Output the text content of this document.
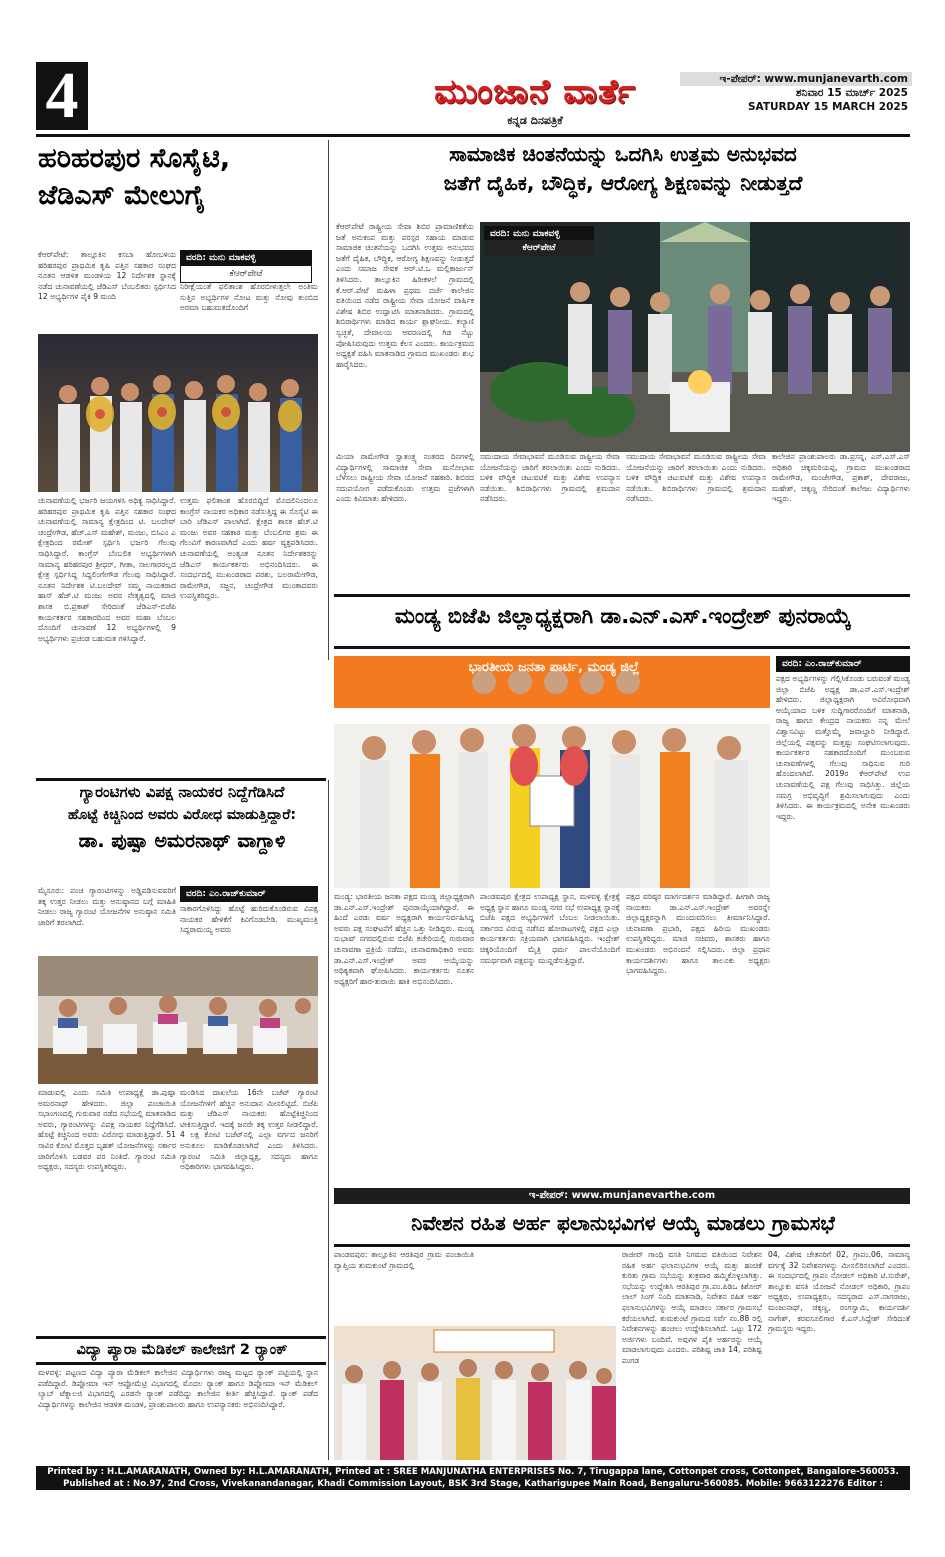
4	ಮುಂಜಾನೆ ವಾರ್ತೆ
ಕನ್ನಡ ದಿನಪತ್ರಿಕೆ
ಇ-ಪೇಪರ್: www.munjanevarth.com
ಶನಿವಾರ 15 ಮಾರ್ಚ್ 2025
SATURDAY 15 MARCH 2025
ಹರಿಹರಪುರ ಸೊಸೈಟಿ,
ಜೆಡಿಎಸ್ ಮೇಲುಗೈ
ಕೆಆರ್‌ಪೇಟೆ: ತಾಲ್ಲೂಕಿನ ಕಸಬಾ ಹೋಬಳಿಯ ಹರಿಹರಪುರ ಪ್ರಾಥಮಿಕ ಕೃಷಿ ಪತ್ತಿನ ಸಹಕಾರ ಸಂಘದ ನೂತನ ಆಡಳಿತ ಮಂಡಳಿಯ 12 ನಿರ್ದೇಶಕ ಸ್ಥಾನಕ್ಕೆ ನಡೆದ ಚುನಾವಣೆಯಲ್ಲಿ ಜೆಡಿಎಸ್ ಬೆಂಬಲಿತರು ಸ್ಪರ್ಧಿಸಿದ 12 ಅಭ್ಯರ್ಥಿಗಳ ಪೈಕಿ 9 ಮಂದಿ
ವರದಿ: ಮನು ಮಾಕವಳ್ಳಿ
ಕೆಆರ್‌ಪೇಟೆ
ನಿರೀಕ್ಷೆಯಂತೆ ಫಲಿತಾಂಶ ಹೊರಬೀಳುತ್ತಲೇ ಅಂತಿಮ ಸುತ್ತಿನ ಅಭ್ಯರ್ಥಿಗಳ ನೋಟ ಮತ್ತು ನೋವು ತುಂಬಿದ ಅರಮಾ ಬಹುಮತದೊಂದಿಗೆ
ಚುನಾವಣೆಯಲ್ಲಿ ಭರ್ಜರಿ ಜಯಗಳಿಸಿ ಅಧಿಕ್ಯ ಸಾಧಿಸಿದ್ದಾರೆ. ಹರಿಹರಪುರ ಪ್ರಾಥಮಿಕ ಕೃಷಿ ಪತ್ತಿನ ಸಹಕಾರ ಸಂಘದ ಚುನಾವಣೆಯಲ್ಲಿ ಸಾಮಾನ್ಯ ಕ್ಷೇತ್ರದಿಂದ ಟಿ. ಬಲದೇವ್ ಚಂದ್ರೇಗೌಡ, ಹೆಚ್.ಎಸ್ ಮಹೇಶ್, ಮಂಜು, ಬಿಸಿಎಂ ಎ ಕ್ಷೇತ್ರದಿಂದ ರಮೇಶ್ ಸ್ಪರ್ಧಿಸಿ ಭರ್ಜರಿ ಗೆಲುವು ಸಾಧಿಸಿದ್ದಾರೆ. ಕಾಂಗ್ರೆಸ್ ಬೆಂಬಲಿತ ಅಭ್ಯರ್ಥಿಗಳಾಗಿ ಸಾಮಾನ್ಯ ಹರಿಹರಪುರ ಶ್ರೀಧರ್, ಗೀತಾ, ಸಾಲಗಾರರಲ್ಲದ ಕ್ಷೇತ್ರ ಸ್ಪರ್ಧಿಸಿದ್ದ ಸಿದ್ದಲಿಂಗೇಗೌಡ ಗೆಲುವು ಸಾಧಿಸಿದ್ದಾರೆ. ನೂತನ ನಿರ್ದೇಶಕ ಟಿ.ಬಲದೇವ್ ಸಮ್ಮ ನಾಯಕರಾದ ಹಾಸ್ ಹೆಚ್.ಟಿ ಮಂಜು ಅವರ ನೇತೃತ್ವದಲ್ಲಿ ಮಾಜಿ ಶಾಸಕ ಬಿ.ಪ್ರಕಾಶ್ ಸೇರಿದಂತೆ ಜೆಡಿಎಸ್-ಬಿಜೆಪಿ ಕಾರ್ಯಕರ್ತರ ಸಹಕಾರದಿಂದ ಅವರ ಮಹಾ ಬೆಂಬಲ ದೊಂದಿಗೆ ಚುನಾವಣೆ 12 ಅಭ್ಯರ್ಥಿಗಳಲ್ಲಿ 9 ಅಭ್ಯರ್ಥಿಗಳು ಪ್ರಚಂಡ ಬಹುಮತ ಗಳಿಸಿದ್ದಾರೆ.
ಉತ್ತಮ ಫಲಿತಾಂಶ ಹೊರಬಿದ್ದಿದೆ ಮೊದಲಿನಿಂದಲೂ ಕಾಂಗ್ರೆಸ್ ನಾಯಕರ ಅಧಿಕಾರ ನಡೆಸುತ್ತಿದ್ದ ಈ ಸೊಸೈಟಿ ಈ ಬಾರಿ ಜೆಡಿಎಸ್ ಪಾಲಾಗಿದೆ. ಕ್ಷೇತ್ರದ ಶಾಸಕ ಹೆಚ್.ಟಿ ಮಂಜು ಅವರ ಸಹಕಾರ ಮತ್ತು ಬೆಂಬಲಿಗರ ಶ್ರಮ ಈ ಗೆಲುವಿಗೆ ಕಾರಣವಾಗಿದೆ ಎಂದು ಹರ್ಷ ವ್ಯಕ್ತಪಡಿಸಿದರು. ಚುನಾವಣೆಯಲ್ಲಿ ಅಂತ್ಯಂತ ನೂತನ ನಿರ್ದೇಶಕರನ್ನು ಜೆಡಿಎಸ್ ಕಾರ್ಯಕರ್ತರು ಅಭಿನಂದಿಸಿದರು. ಈ ಸಂದರ್ಭದಲ್ಲಿ ಮುಖಂಡರಾದ ಪರಶು, ಬಲರಾಮೇಗೌಡ, ರಾಮೇಗೌಡ, ಸಜ್ಜನ, ಚಂದ್ರೇಗೌಡ ಮುಂತಾದವರು ಉಪಸ್ಥಿತರಿದ್ದರು.
ಸಾಮಾಜಿಕ ಚಿಂತನೆಯನ್ನು ಒದಗಿಸಿ ಉತ್ತಮ ಅನುಭವದ
ಜತೆಗೆ ದೈಹಿಕ, ಬೌದ್ಧಿಕ, ಆರೋಗ್ಯ ಶಿಕ್ಷಣವನ್ನು ನೀಡುತ್ತದೆ
ಕೆಆರ್‌ಪೇಟೆ ರಾಷ್ಟ್ರೀಯ ಸೇವಾ ಶಿಬಿರ ಪ್ರಾಮಾಣಿಕತೆಯ ಜತೆ ಅನುಕಂಪ ಮತ್ತು ಪರಸ್ಪರ ಸಹಾಯ ಮಾಡುವ ಸಾಮಾಜಿಕ ಚಿಂತನೆಯನ್ನು ಒದಗಿಸಿ ಉತ್ತಮ ಅನುಭವದ ಜತೆಗೆ ದೈಹಿಕ, ಬೌದ್ಧಿಕ, ಆರೋಗ್ಯ ಶಿಕ್ಷಣವನ್ನು ನೀಡುತ್ತದೆ ಎಂದು ಸಮಾಜ ಸೇವಕ ಆರ್.ಟಿ.ಒ ಮಲ್ಲಿಕಾರ್ಜುನ್ ತಿಳಿಸಿದರು. ತಾಲ್ಲೂಕಿನ ಹಿರೀಕಳಲೆ ಗ್ರಾಮದಲ್ಲಿ ಕೆ.ಆರ್.ಪೇಟೆ ಮಹಿಳಾ ಪ್ರಥಮ ದರ್ಜೆ ಕಾಲೇಜಿನ ವತಿಯಿಂದ ನಡೆದ ರಾಷ್ಟ್ರೀಯ ಸೇವಾ ಯೋಜನೆ ವಾರ್ಷಿಕ ವಿಶೇಷ ಶಿಬಿರ ಉದ್ಘಾಟಿಸಿ ಮಾತನಾಡಿದರು. ಗ್ರಾಮದಲ್ಲಿ ಶಿಬಿರಾರ್ಥಿಗಳು ಮಾಡಿದ ಕಾರ್ಯ ಶ್ಲಾಘನೀಯ. ಕಲ್ಯಾಣಿ ಸ್ವಚ್ಛತೆ, ದೇವಾಲಯ ಆವರಣದಲ್ಲಿ ಗಿಡ ನೆಟ್ಟು ಪೋಷಿಸಿರುವುದು ಉತ್ತಮ ಕೆಲಸ ಎಂದರು. ಕಾರ್ಯಕ್ರಮದ ಅಧ್ಯಕ್ಷತೆ ವಹಿಸಿ ಮಾತನಾಡಿದ ಗ್ರಾಮದ ಮುಖಂಡರು ಶುಭ ಹಾರೈಸಿದರು.
ವರದಿ: ಮನು ಮಾಕವಳ್ಳಿ
ಕೆಆರ್‌ಪೇಟೆ
ಮಿಯಾ ರಾಮೇಗೌಡ ಸ್ವಾತಂತ್ರ್ಯ ನಂತರದ ದಿನಗಳಲ್ಲಿ ವಿದ್ಯಾರ್ಥಿಗಳಲ್ಲಿ ಸಾಮಾಜಿಕ ಸೇವಾ ಮನೋಭಾವ ಬೆಳೆಸಲು ರಾಷ್ಟ್ರೀಯ ಸೇವಾ ಯೋಜನೆ ಸಹಕಾರಿ. ಶಿಬಿರದ ಸದುಪಯೋಗ ಪಡೆದುಕೊಂಡು ಉತ್ತಮ ಪ್ರಜೆಗಳಾಗಿ ಎಂದು ಕಿವಿಮಾತು ಹೇಳಿದರು.
ಸಮುದಾಯ ಸೇವಾಭಾವನೆ ಮೂಡಿಸುವ ರಾಷ್ಟ್ರೀಯ ಸೇವಾ ಯೋಜನೆಯನ್ನು ಜಾರಿಗೆ ತರಲಾಯಿತು ಎಂದು ನುಡಿದರು. ಬಳಿಕ ವೌದ್ಧಿಕ ಚಟುವಟಿಕೆ ಮತ್ತು ವಿಶೇಷ ಉಪನ್ಯಾಸ ನಡೆಯಿತು. ಶಿಬಿರಾರ್ಥಿಗಳು ಗ್ರಾಮದಲ್ಲಿ ಶ್ರಮದಾನ ನಡೆಸಿದರು.
ಸಮುದಾಯ ಸೇವಾಭಾವನೆ ಮೂಡಿಸುವ ರಾಷ್ಟ್ರೀಯ ಸೇವಾ ಯೋಜನೆಯನ್ನು ಜಾರಿಗೆ ತರಲಾಯಿತು ಎಂದು ನುಡಿದರು. ಬಳಿಕ ವೌದ್ಧಿಕ ಚಟುವಟಿಕೆ ಮತ್ತು ವಿಶೇಷ ಉಪನ್ಯಾಸ ನಡೆಯಿತು. ಶಿಬಿರಾರ್ಥಿಗಳು ಗ್ರಾಮದಲ್ಲಿ ಶ್ರಮದಾನ ನಡೆಸಿದರು.
ಕಾಲೇಜಿನ ಪ್ರಾಂಶುಪಾಲರು ಡಾ.ಪ್ರಸನ್ನ, ಎನ್.ಎಸ್.ಎಸ್ ಅಧಿಕಾರಿ ಚಿಕ್ಕಮರಿಯಪ್ಪ, ಗ್ರಾಮದ ಮುಖಂಡರಾದ ರಾಮೇಗೌಡ, ಮಂಜೇಗೌಡ, ಪ್ರಕಾಶ್, ದೇವರಾಜು, ಮಹೇಶ್, ಚಿಕ್ಕಣ್ಣ ಸೇರಿದಂತೆ ಕಾಲೇಜು ವಿದ್ಯಾರ್ಥಿಗಳು ಇದ್ದರು.
ಮಂಡ್ಯ ಬಿಜೆಪಿ ಜಿಲ್ಲಾಧ್ಯಕ್ಷರಾಗಿ ಡಾ.ಎನ್.ಎಸ್.ಇಂದ್ರೇಶ್ ಪುನರಾಯ್ಕೆ
ಭಾರತೀಯ ಜನತಾ ಪಾರ್ಟಿ, ಮಂಡ್ಯ ಜಿಲ್ಲೆ	ವರದಿ: ಎಂ.ರಾಜ್‌ಕುಮಾರ್
ಪಕ್ಷದ ಅಭ್ಯರ್ಥಿಗಳನ್ನು ಗೆಲ್ಲಿಸಿಕೊಂಡು ಬರುವಂತೆ ಮಂಡ್ಯ ಜಿಲ್ಲಾ ಬಿಜೆಪಿ ಅಧ್ಯಕ್ಷ ಡಾ.ಎನ್.ಎಸ್.ಇಂದ್ರೇಶ್ ಹೇಳಿದರು. ಜಿಲ್ಲಾಧ್ಯಕ್ಷರಾಗಿ ಅವಿರೋಧವಾಗಿ ಆಯ್ಕೆಯಾದ ಬಳಿಕ ಸುದ್ದಿಗಾರರೊಂದಿಗೆ ಮಾತನಾಡಿ, ರಾಜ್ಯ ಹಾಗೂ ಕೇಂದ್ರದ ನಾಯಕರು ನನ್ನ ಮೇಲೆ ವಿಶ್ವಾಸವಿಟ್ಟು ಮತ್ತೊಮ್ಮೆ ಜವಾಬ್ದಾರಿ ನೀಡಿದ್ದಾರೆ. ಜಿಲ್ಲೆಯಲ್ಲಿ ಪಕ್ಷವನ್ನು ಮತ್ತಷ್ಟು ಸಂಘಟಿಸಲಾಗುವುದು. ಕಾರ್ಯಕರ್ತರ ಸಹಕಾರದೊಂದಿಗೆ ಮುಂಬರುವ ಚುನಾವಣೆಗಳಲ್ಲಿ ಗೆಲುವು ಸಾಧಿಸುವ ಗುರಿ ಹೊಂದಲಾಗಿದೆ. 2019ರ ಕೆಆರ್‌ಪೇಟೆ ಉಪ ಚುನಾವಣೆಯಲ್ಲಿ ಪಕ್ಷ ಗೆಲುವು ಸಾಧಿಸಿತ್ತು. ಜಿಲ್ಲೆಯ ಸಮಗ್ರ ಅಭಿವೃದ್ಧಿಗೆ ಶ್ರಮಿಸಲಾಗುವುದು ಎಂದು ತಿಳಿಸಿದರು. ಈ ಕಾರ್ಯಕ್ರಮದಲ್ಲಿ ಅನೇಕ ಮುಖಂಡರು ಇದ್ದರು.
ಮಂಡ್ಯ: ಭಾರತೀಯ ಜನತಾ ಪಕ್ಷದ ಮಂಡ್ಯ ಜಿಲ್ಲಾಧ್ಯಕ್ಷರಾಗಿ ಡಾ.ಎನ್.ಎಸ್.ಇಂದ್ರೇಶ್ ಪುನರಾಯ್ಕೆಯಾಗಿದ್ದಾರೆ. ಈ ಹಿಂದೆ ಎರಡು ವರ್ಷ ಅಧ್ಯಕ್ಷರಾಗಿ ಕಾರ್ಯನಿರ್ವಹಿಸಿದ್ದ ಅವರು ಪಕ್ಷ ಸಂಘಟನೆಗೆ ಹೆಚ್ಚಿನ ಒತ್ತು ನೀಡಿದ್ದರು. ಮಂಡ್ಯ ಸುಭಾಷ್ ನಗರದಲ್ಲಿರುವ ಬಿಜೆಪಿ ಕಚೇರಿಯಲ್ಲಿ ಗುರುವಾರ ಚುನಾವಣಾ ಪ್ರಕ್ರಿಯೆ ನಡೆದು, ಚುನಾವಣಾಧಿಕಾರಿ ಅವರು ಡಾ.ಎನ್.ಎಸ್.ಇಂದ್ರೇಶ್ ಅವರ ಆಯ್ಕೆಯನ್ನು ಅಧಿಕೃತವಾಗಿ ಘೋಷಿಸಿದರು. ಕಾರ್ಯಕರ್ತರು ನೂತನ ಅಧ್ಯಕ್ಷರಿಗೆ ಹಾರ-ತುರಾಯಿ ಹಾಕಿ ಅಭಿನಂದಿಸಿದರು.
ಪಾಂಡವಪುರ ಕ್ಷೇತ್ರದ ಉಪಾಧ್ಯಕ್ಷ ಸ್ಥಾನ, ಮಳವಳ್ಳಿ ಕ್ಷೇತ್ರಕ್ಕೆ ಅಧ್ಯಕ್ಷ ಸ್ಥಾನ ಹಾಗೂ ಮಂಡ್ಯ ನಗರ ಸಭೆ ಉಪಾಧ್ಯಕ್ಷ ಸ್ಥಾನಕ್ಕೆ ಬಿಜೆಪಿ ಪಕ್ಷದ ಅಭ್ಯರ್ಥಿಗಳಿಗೆ ಬೆಂಬಲ ನೀಡಲಾಯಿತು. ಸರ್ಕಾರದ ವಿರುದ್ಧ ನಡೆಸಿದ ಹೋರಾಟಗಳಲ್ಲಿ ಪಕ್ಷದ ಎಲ್ಲಾ ಕಾರ್ಯಕರ್ತರು ಸಕ್ರಿಯವಾಗಿ ಭಾಗವಹಿಸಿದ್ದರು. ಇಂದ್ರೇಶ್ ಚಿಕ್ಕರಿಯೊಂದಿಗೆ ಮೈತ್ರಿ ಧರ್ಮ ಪಾಲನೆಯೊಂದಿಗೆ ಸಮರ್ಥವಾಗಿ ಪಕ್ಷವನ್ನು ಮುನ್ನಡೆಸುತ್ತಿದ್ದಾರೆ.
ಪಕ್ಷದ ವರಿಷ್ಠರ ಮಾರ್ಗದರ್ಶನ ಮಾಡಿದ್ದಾರೆ. ಹೀಗಾಗಿ ರಾಜ್ಯ ನಾಯಕರು ಡಾ.ಎನ್.ಎಸ್.ಇಂದ್ರೇಶ್ ಅವರನ್ನೇ ಜಿಲ್ಲಾಧ್ಯಕ್ಷರನ್ನಾಗಿ ಮುಂದುವರಿಸಲು ತೀರ್ಮಾನಿಸಿದ್ದಾರೆ. ಚುನಾವಣಾ ಪ್ರಭಾರಿ, ಪಕ್ಷದ ಹಿರಿಯ ಮುಖಂಡರು ಉಪಸ್ಥಿತರಿದ್ದರು. ಮಾಜಿ ಸಚಿವರು, ಶಾಸಕರು ಹಾಗೂ ಮುಖಂಡರು ಅಭಿನಂದನೆ ಸಲ್ಲಿಸಿದರು. ಜಿಲ್ಲಾ ಪ್ರಧಾನ ಕಾರ್ಯದರ್ಶಿಗಳು ಹಾಗೂ ತಾಲೂಕು ಅಧ್ಯಕ್ಷರು ಭಾಗವಹಿಸಿದ್ದರು.
ಇ-ಪೇಪರ್: www.munjanevarthe.com
ಗ್ಯಾರಂಟಿಗಳು ವಿಪಕ್ಷ ನಾಯಕರ ನಿದ್ದೆಗೆಡಿಸಿದೆ
ಹೊಟ್ಟೆ ಕಿಚ್ಚಿನಿಂದ ಅವರು ವಿರೋಧ ಮಾಡುತ್ತಿದ್ದಾರೆ:
ಡಾ. ಪುಷ್ಪಾ ಅಮರನಾಥ್ ವಾಗ್ದಾಳಿ
ಮೈಸೂರು: ಪಂಚ ಗ್ಯಾರಂಟಿಗಳನ್ನು ಅಡ್ಡಿಪಡಿಸುವವರಿಗೆ ತಕ್ಕ ಉತ್ತರ ನೀಡಲು ಮತ್ತು ಅನುಷ್ಠಾನದ ಬಗ್ಗೆ ಮಾಹಿತಿ ನೀಡಲು ರಾಜ್ಯ ಗ್ಯಾರಂಟಿ ಯೋಜನೆಗಳ ಅನುಷ್ಠಾನ ಸಮಿತಿ ಜಾರಿಗೆ ತರಲಾಗಿದೆ.
ವರದಿ: ಎಂ.ರಾಜ್‌ಕುಮಾರ್
ಸಾಕಾರಗೊಳಿಸಿದ್ದು ಹೊಟ್ಟೆ ಹುರಿದುಕೊಂಡಿರುವ ವಿಪಕ್ಷ ನಾಯಕರ ಹೇಳಿಕೆಗೆ ಕಿವಿಗೊಡಬೇಡಿ. ಮುಖ್ಯಮಂತ್ರಿ ಸಿದ್ದರಾಮಯ್ಯ ಅವರು
ಮಾಡುವಲ್ಲಿ ಎಂದು ಸಮಿತಿ ಉಪಾಧ್ಯಕ್ಷೆ ಡಾ.ಪುಷ್ಪಾ ಅಮರನಾಥ್ ಹೇಳಿದರು. ಜಿಲ್ಲಾ ಪಂಚಾಯಿತಿ ಸಭಾಂಗಣದಲ್ಲಿ ಗುರುವಾರ ನಡೆದ ಸಭೆಯಲ್ಲಿ ಮಾತನಾಡಿದ ಅವರು, ಗ್ಯಾರಂಟಿಗಳನ್ನು ವಿಪಕ್ಷ ನಾಯಕರ ನಿದ್ದೆಗೆಡಿಸಿದೆ. ಹೊಟ್ಟೆ ಕಿಚ್ಚಿನಿಂದ ಅವರು ವಿರೋಧ ಮಾಡುತ್ತಿದ್ದಾರೆ. 51 ಸಾವಿರ ಕೋಟಿ ಮೊತ್ತದ ಬೃಹತ್ ಯೋಜನೆಗಳನ್ನು ಸರ್ಕಾರ ಜಾರಿಗೊಳಿಸಿ ಬಡವರ ಪರ ನಿಂತಿದೆ. ಗ್ಯಾರಂಟಿ ಸಮಿತಿ ಅಧ್ಯಕ್ಷರು, ಸದಸ್ಯರು ಉಪಸ್ಥಿತರಿದ್ದರು.
ಮಂಡಿಸಿದ ದಾಖಲೆಯ 16ನೇ ಬಜೆಟ್ ಗ್ಯಾರಂಟಿ ಯೋಜನೆಗಳಿಗೆ ಹೆಚ್ಚಿನ ಅನುದಾನ ಮೀಸಲಿಟ್ಟಿದೆ. ಬಿಜೆಪಿ ಮತ್ತು ಜೆಡಿಎಸ್ ನಾಯಕರು ಹೊಟ್ಟೆಕಿಚ್ಚಿನಿಂದ ಟೀಕಿಸುತ್ತಿದ್ದಾರೆ. ಇದಕ್ಕೆ ಜನರೇ ತಕ್ಕ ಉತ್ತರ ನೀಡಲಿದ್ದಾರೆ. 4 ಲಕ್ಷ ಕೋಟಿ ಬಜೆಟ್‌ನಲ್ಲಿ ಎಲ್ಲಾ ವರ್ಗದ ಜನರಿಗೆ ಅನುಕೂಲ ಮಾಡಿಕೊಡಲಾಗಿದೆ ಎಂದು ತಿಳಿಸಿದರು. ಗ್ಯಾರಂಟಿ ಸಮಿತಿ ಜಿಲ್ಲಾಧ್ಯಕ್ಷ, ಸದಸ್ಯರು ಹಾಗೂ ಅಧಿಕಾರಿಗಳು ಭಾಗವಹಿಸಿದ್ದರು.
ವಿದ್ಯಾ ಪ್ಯಾರಾ ಮೆಡಿಕಲ್ ಕಾಲೇಜಿಗೆ 2 ರ್‍ಯಾಂಕ್
ಮಳವಳ್ಳಿ: ಪಟ್ಟಣದ ವಿದ್ಯಾ ಪ್ಯಾರಾ ಮೆಡಿಕಲ್ ಕಾಲೇಜಿನ ವಿದ್ಯಾರ್ಥಿಗಳು ರಾಜ್ಯ ಮಟ್ಟದ ರ್‍ಯಾಂಕ್ ಪಟ್ಟಿಯಲ್ಲಿ ಸ್ಥಾನ ಪಡೆದಿದ್ದಾರೆ. ಡಿಪ್ಲೋಮಾ ಇನ್ ಆಪ್ಟೋಮೆಟ್ರಿ ವಿಭಾಗದಲ್ಲಿ ಮೊದಲ ರ್‍ಯಾಂಕ್ ಹಾಗೂ ಡಿಪ್ಲೋಮಾ ಇನ್ ಮೆಡಿಕಲ್ ಲ್ಯಾಬ್ ಟೆಕ್ನಾಲಜಿ ವಿಭಾಗದಲ್ಲಿ ಎರಡನೇ ರ್‍ಯಾಂಕ್ ಪಡೆದಿದ್ದು ಕಾಲೇಜಿನ ಕೀರ್ತಿ ಹೆಚ್ಚಿಸಿದ್ದಾರೆ. ರ್‍ಯಾಂಕ್ ಪಡೆದ ವಿದ್ಯಾರ್ಥಿಗಳನ್ನು ಕಾಲೇಜಿನ ಆಡಳಿತ ಮಂಡಳಿ, ಪ್ರಾಂಶುಪಾಲರು ಹಾಗೂ ಉಪನ್ಯಾಸಕರು ಅಭಿನಂದಿಸಿದ್ದಾರೆ.
ನಿವೇಶನ ರಹಿತ ಅರ್ಹ ಫಲಾನುಭವಿಗಳ ಆಯ್ಕೆ ಮಾಡಲು ಗ್ರಾಮಸಭೆ
ಪಾಂಡವಪುರ: ತಾಲ್ಲೂಕಿನ ಆರತಿಪುರ ಗ್ರಾಮ ಪಂಚಾಯಿತಿ ವ್ಯಾಪ್ತಿಯ ತುಮಕುಂಟೆ ಗ್ರಾಮದಲ್ಲಿ
ರಾಜೀವ್ ಗಾಂಧಿ ವಸತಿ ನಿಗಮದ ವತಿಯಿಂದ ನಿವೇಶನ ರಹಿತ ಅರ್ಹ ಫಲಾನುಭವಿಗಳ ಆಯ್ಕೆ ಮತ್ತು ಹಂಚಿಕೆ ಕುರಿತು ಗ್ರಾಮ ಸಭೆಯನ್ನು ಶುಕ್ರವಾರ ಹಮ್ಮಿಕೊಳ್ಳಲಾಗಿತ್ತು. ಸಭೆಯನ್ನು ಉದ್ದೇಶಿಸಿ ಆರತಿಪುರ ಗ್ರಾ.ಪಂ.ಪಿಡಿಒ ಕಿಶೋರ್ ಲಾಲ್ ಸಿಂಗ್ ನಿಂದಿ ಮಾತನಾಡಿ, ನಿವೇಶನ ರಹಿತ ಅರ್ಹ ಫಲಾನುಭವಿಗಳನ್ನು ಆಯ್ಕೆ ಮಾಡಲು ಸರ್ಕಾರ ಗ್ರಾಮಸಭೆ ಕರೆಯಲಾಗಿದೆ. ತುಮಕುಂಟೆ ಗ್ರಾಮದ ಸರ್ವೆ ನಂ.88 ರಲ್ಲಿ ನಿವೇಶನಗಳನ್ನು ಹಂಚಲು ಉದ್ದೇಶಿಸಲಾಗಿದೆ. ಒಟ್ಟು 172 ಅರ್ಜಿಗಳು ಬಂದಿವೆ. ಅವುಗಳ ಪೈಕಿ ಅರ್ಹರನ್ನು ಆಯ್ಕೆ ಮಾಡಲಾಗುವುದು ಎಂದರು. ಪರಿಶಿಷ್ಟ ಜಾತಿ 14, ಪರಿಶಿಷ್ಟ ಪಂಗಡ
04, ವಿಶೇಷ ಚೇತನರಿಗೆ 02, ಗ್ರಾಪಂ.06, ಸಾಮಾನ್ಯ ವರ್ಗಕ್ಕೆ 32 ನಿವೇಶನಗಳನ್ನು ಮೀಸಲಿರಿಸಲಾಗಿದೆ ಎಂದರು. ಈ ಸಂದರ್ಭದಲ್ಲಿ ಗ್ರಾಪಂ ನೋಡಲ್ ಅಧಿಕಾರಿ ಟಿ.ಸುರೇಶ್, ತಾಲ್ಲೂಕು ವಸತಿ ಯೋಜನೆ ನೋಡಲ್ ಅಧಿಕಾರಿ, ಗ್ರಾಪಂ ಅಧ್ಯಕ್ಷರು, ಉಪಾಧ್ಯಕ್ಷರು, ಸದಸ್ಯರಾದ ಎಸ್.ನಾಗರಾಜು, ಮಂಜುನಾಥ್, ಚಿಕ್ಕಣ್ಣ, ರಂಗಸ್ವಾಮಿ, ಕಾರ್ಯದರ್ಶಿ ನಾಗೇಶ್, ಕರವಸೂಲಿಗಾರ ಕೆ.ಎಸ್.ಸಿದ್ದೇಶ್ ಸೇರಿದಂತೆ ಗ್ರಾಮಸ್ಥರು ಇದ್ದರು.
Printed by : H.L.AMARANATH, Owned by: H.L.AMARANATH, Printed at : SREE MANJUNATHA ENTERPRISES No. 7, Tirugappa lane, Cottonpet cross, Cottonpet, Bangalore-560053.
Published at : No.97, 2nd Cross, Vivekanandanagar, Khadi Commission Layout, BSK 3rd Stage, Katharigupee Main Road, Bengaluru-560085. Mobile: 9663122276 Editor : H.L.AMARANATH
